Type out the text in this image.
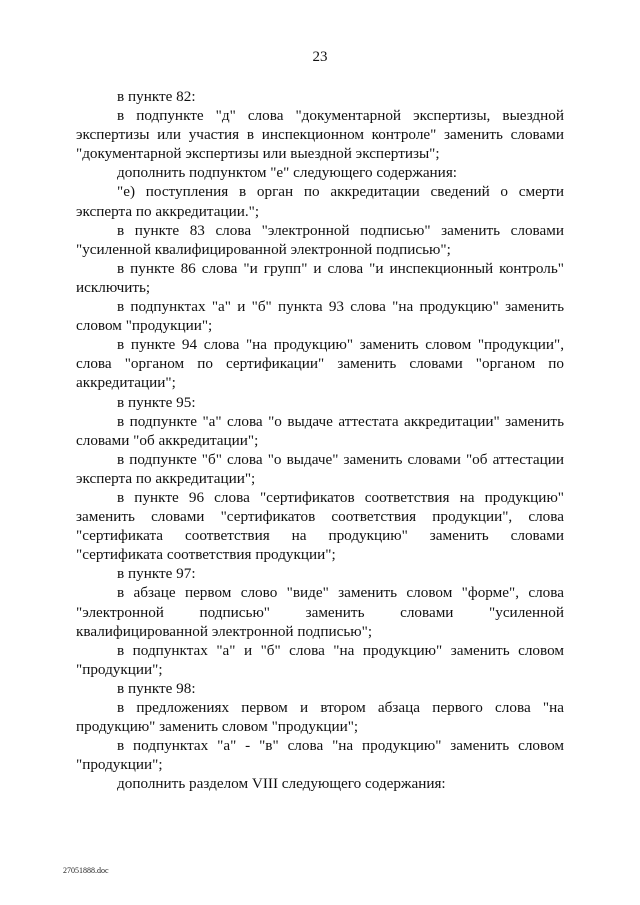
23

в пункте 82:

в подпункте "д" слова "документарной экспертизы, выездной экспертизы или участия в инспекционном контроле" заменить словами "документарной экспертизы или выездной экспертизы";

дополнить подпунктом "е" следующего содержания:

"е) поступления в орган по аккредитации сведений о смерти эксперта по аккредитации.";

в пункте 83 слова "электронной подписью" заменить словами "усиленной квалифицированной электронной подписью";

в пункте 86 слова "и групп" и слова "и инспекционный контроль" исключить;

в подпунктах "а" и "б" пункта 93 слова "на продукцию" заменить словом "продукции";

в пункте 94 слова "на продукцию" заменить словом "продукции", слова "органом по сертификации" заменить словами "органом по аккредитации";

в пункте 95:

в подпункте "а" слова "о выдаче аттестата аккредитации" заменить словами "об аккредитации";

в подпункте "б" слова "о выдаче" заменить словами "об аттестации эксперта по аккредитации";

в пункте 96 слова "сертификатов соответствия на продукцию" заменить словами "сертификатов соответствия продукции", слова "сертификата соответствия на продукцию" заменить словами "сертификата соответствия продукции";

в пункте 97:

в абзаце первом слово "виде" заменить словом "форме", слова "электронной подписью" заменить словами "усиленной квалифицированной электронной подписью";

в подпунктах "а" и "б" слова "на продукцию" заменить словом "продукции";

в пункте 98:

в предложениях первом и втором абзаца первого слова "на продукцию" заменить словом "продукции";

в подпунктах "а" - "в" слова "на продукцию" заменить словом "продукции";

дополнить разделом VIII следующего содержания:

27051888.doc
